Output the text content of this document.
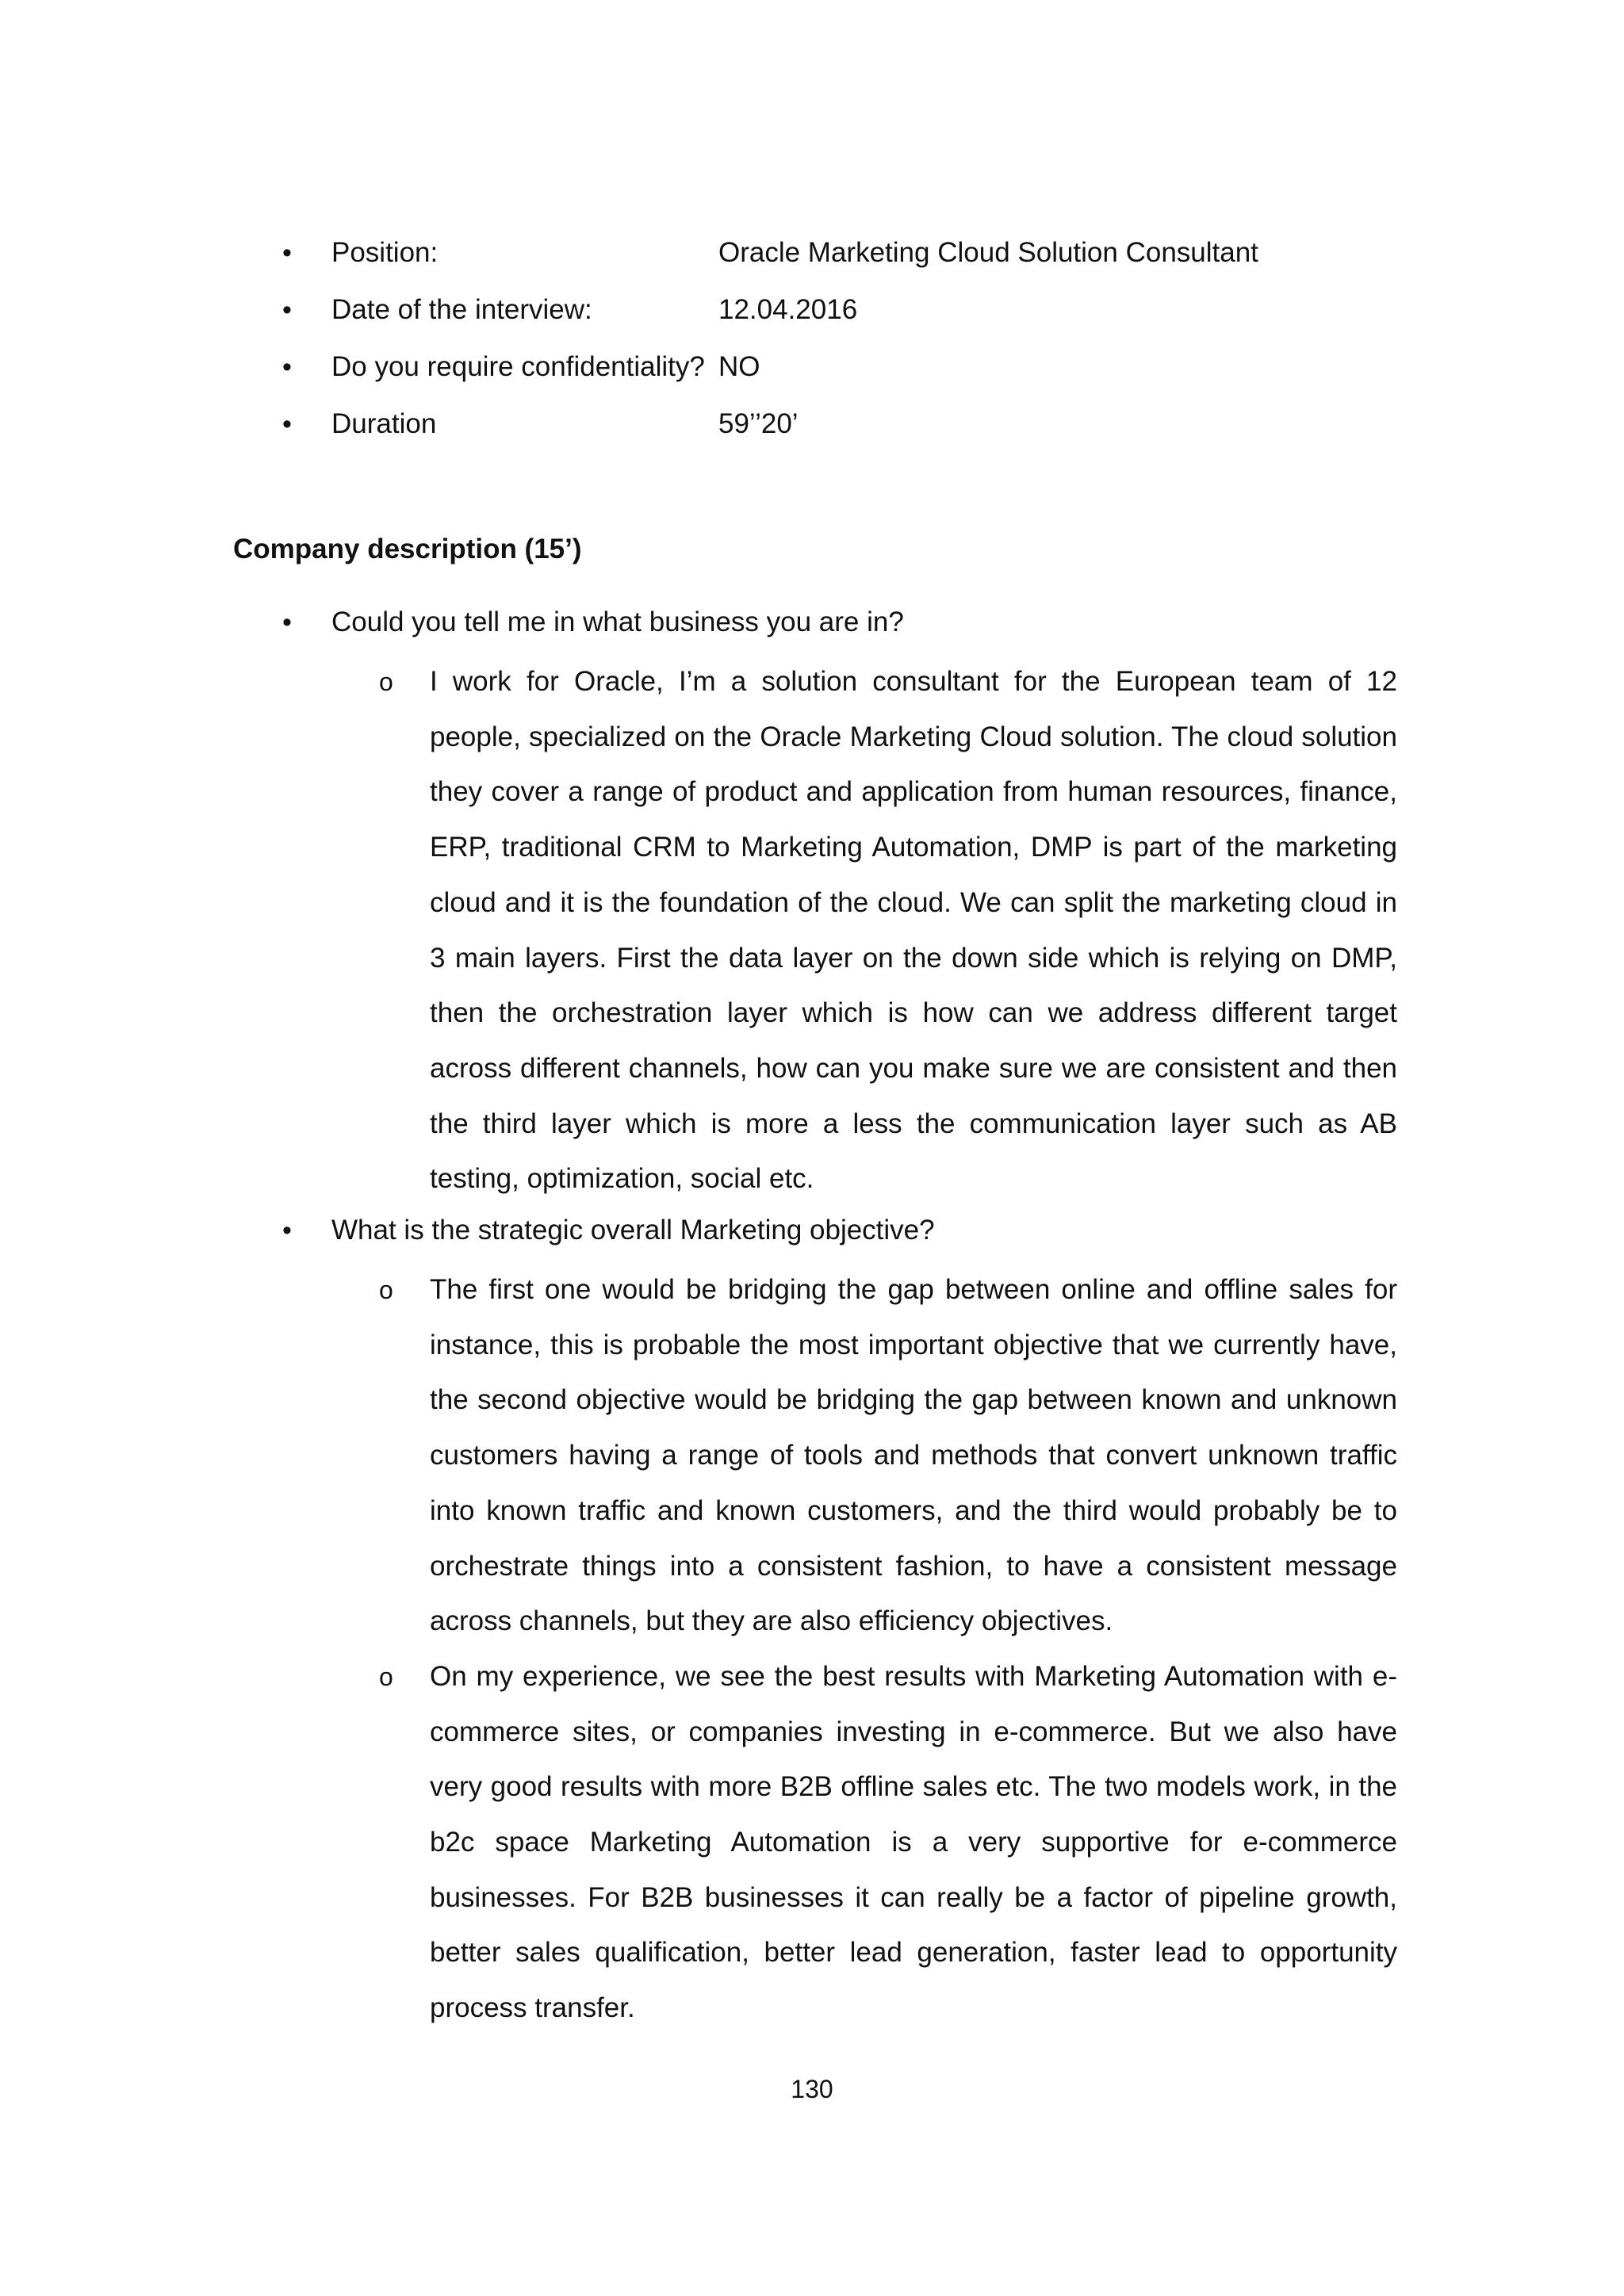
• Position:	Oracle Marketing Cloud Solution Consultant
• Date of the interview:	12.04.2016
• Do you require confidentiality? NO
• Duration	59’’20’
Company description (15’)
• Could you tell me in what business you are in?
o I work for Oracle, I’m a solution consultant for the European team of 12 people, specialized on the Oracle Marketing Cloud solution. The cloud solution they cover a range of product and application from human resources, finance, ERP, traditional CRM to Marketing Automation, DMP is part of the marketing cloud and it is the foundation of the cloud. We can split the marketing cloud in 3 main layers. First the data layer on the down side which is relying on DMP, then the orchestration layer which is how can we address different target across different channels, how can you make sure we are consistent and then the third layer which is more a less the communication layer such as AB testing, optimization, social etc.

• What is the strategic overall Marketing objective?
o The first one would be bridging the gap between online and offline sales for instance, this is probable the most important objective that we currently have, the second objective would be bridging the gap between known and unknown customers having a range of tools and methods that convert unknown traffic into known traffic and known customers, and the third would probably be to orchestrate things into a consistent fashion, to have a consistent message across channels, but they are also efficiency objectives.

o On my experience, we see the best results with Marketing Automation with e-commerce sites, or companies investing in e-commerce. But we also have very good results with more B2B offline sales etc. The two models work, in the b2c space Marketing Automation is a very supportive for e-commerce businesses. For B2B businesses it can really be a factor of pipeline growth, better sales qualification, better lead generation, faster lead to opportunity process transfer.

130
